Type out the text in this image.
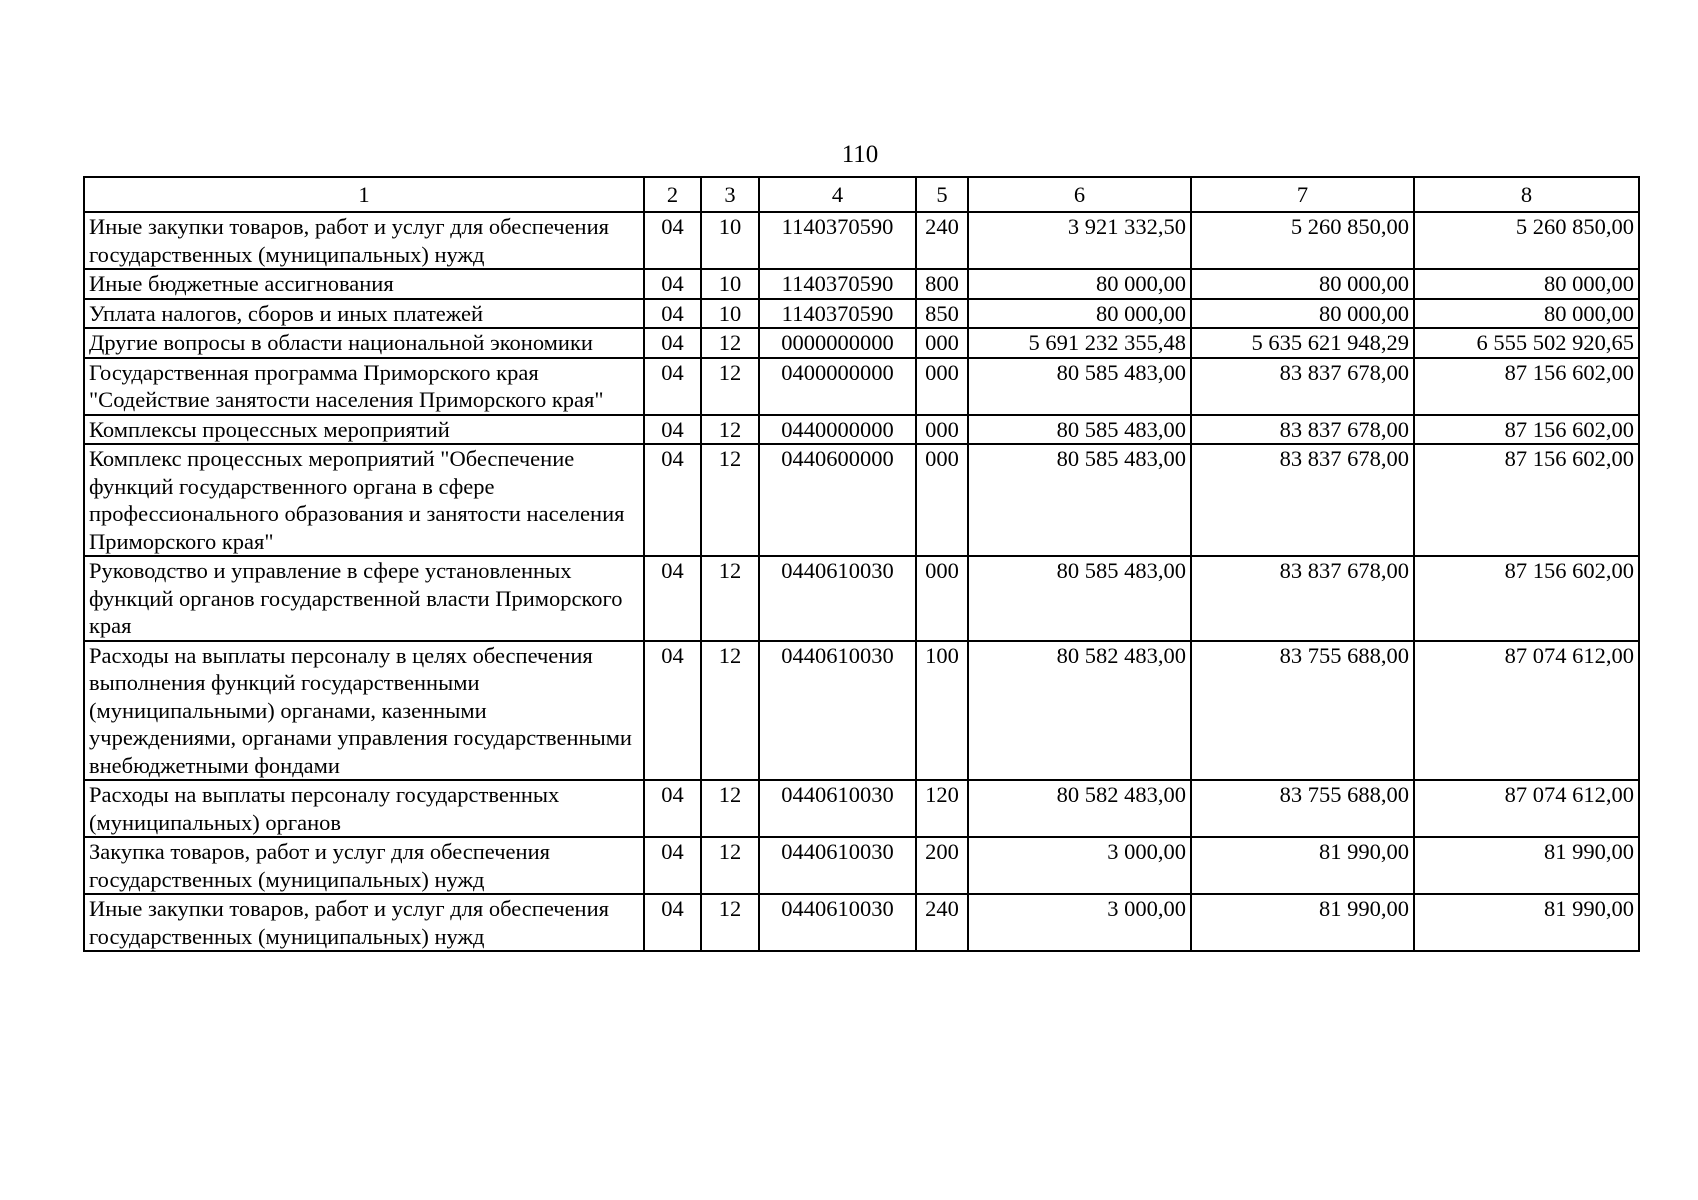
110
1	2	3	4	5	6	7	8
Иные закупки товаров, работ и услуг для обеспечения государственных (муниципальных) нужд	04	10	1140370590	240	3 921 332,50	5 260 850,00	5 260 850,00
Иные бюджетные ассигнования	04	10	1140370590	800	80 000,00	80 000,00	80 000,00
Уплата налогов, сборов и иных платежей	04	10	1140370590	850	80 000,00	80 000,00	80 000,00
Другие вопросы в области национальной экономики	04	12	0000000000	000	5 691 232 355,48	5 635 621 948,29	6 555 502 920,65
Государственная программа Приморского края "Содействие занятости населения Приморского края"	04	12	0400000000	000	80 585 483,00	83 837 678,00	87 156 602,00
Комплексы процессных мероприятий	04	12	0440000000	000	80 585 483,00	83 837 678,00	87 156 602,00
Комплекс процессных мероприятий "Обеспечение функций государственного органа в сфере профессионального образования и занятости населения Приморского края"	04	12	0440600000	000	80 585 483,00	83 837 678,00	87 156 602,00
Руководство и управление в сфере установленных функций органов государственной власти Приморского края	04	12	0440610030	000	80 585 483,00	83 837 678,00	87 156 602,00
Расходы на выплаты персоналу в целях обеспечения выполнения функций государственными (муниципальными) органами, казенными учреждениями, органами управления государственными внебюджетными фондами	04	12	0440610030	100	80 582 483,00	83 755 688,00	87 074 612,00
Расходы на выплаты персоналу государственных (муниципальных) органов	04	12	0440610030	120	80 582 483,00	83 755 688,00	87 074 612,00
Закупка товаров, работ и услуг для обеспечения государственных (муниципальных) нужд	04	12	0440610030	200	3 000,00	81 990,00	81 990,00
Иные закупки товаров, работ и услуг для обеспечения государственных (муниципальных) нужд	04	12	0440610030	240	3 000,00	81 990,00	81 990,00
